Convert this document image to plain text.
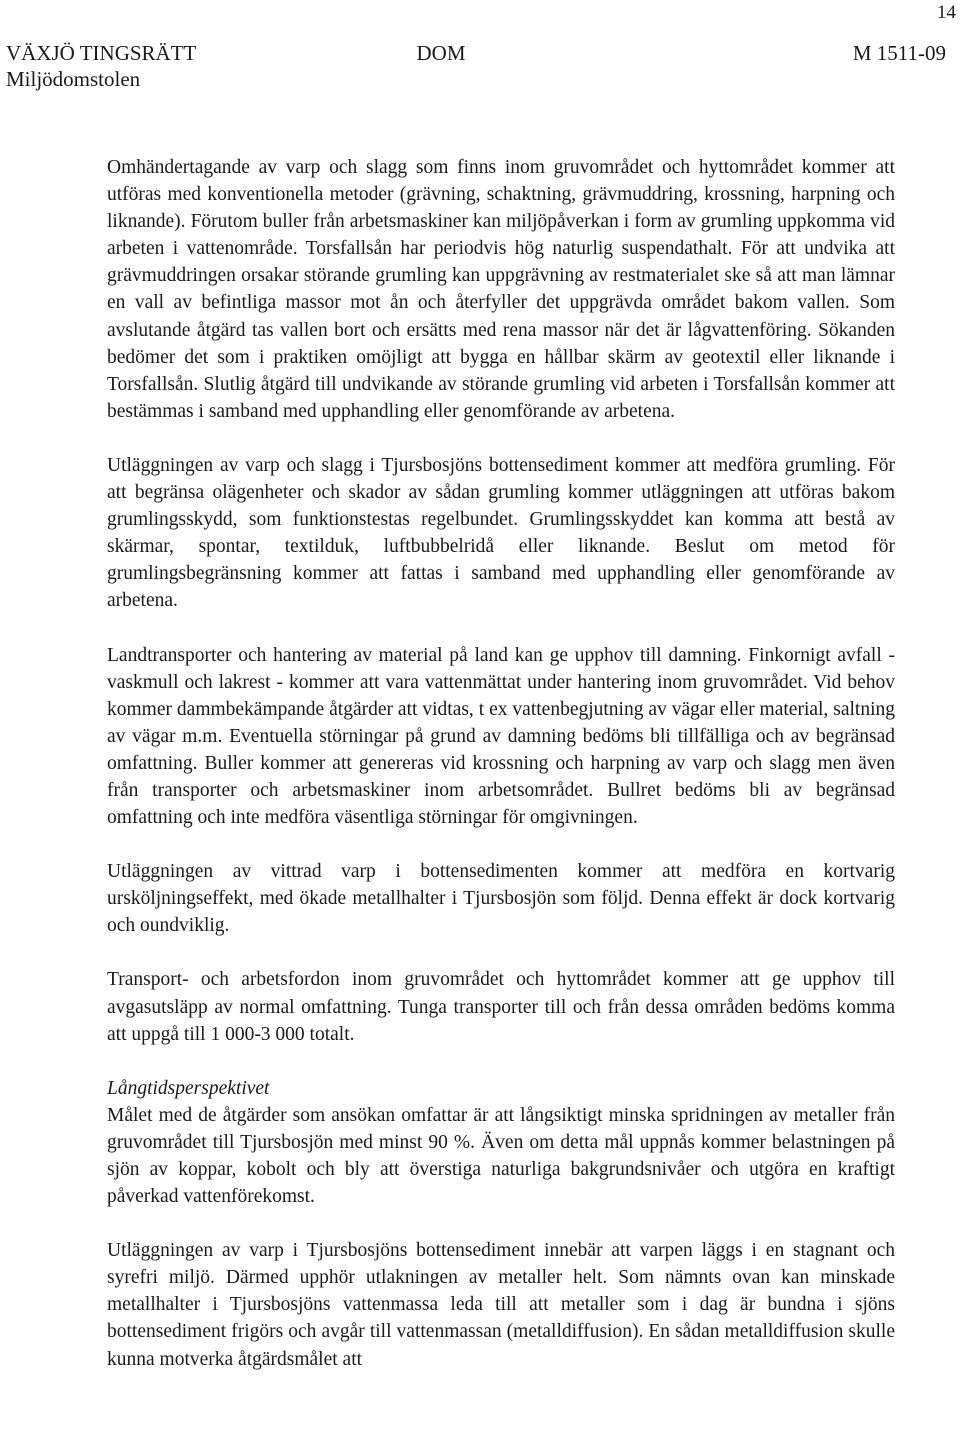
14
VÄXJÖ TINGSRÄTT	DOM	M 1511-09
Miljödomstolen

Omhändertagande av varp och slagg som finns inom gruvområdet och hyttområdet kommer att utföras med konventionella metoder (grävning, schaktning, grävmuddring, krossning, harpning och liknande). Förutom buller från arbetsmaskiner kan miljöpåverkan i form av grumling uppkomma vid arbeten i vattenområde. Torsfallsån har periodvis hög naturlig suspendathalt. För att undvika att grävmuddringen orsakar störande grumling kan uppgrävning av restmaterialet ske så att man lämnar en vall av befintliga massor mot ån och återfyller det uppgrävda området bakom vallen. Som avslutande åtgärd tas vallen bort och ersätts med rena massor när det är lågvattenföring. Sökanden bedömer det som i praktiken omöjligt att bygga en hållbar skärm av geotextil eller liknande i Torsfallsån. Slutlig åtgärd till undvikande av störande grumling vid arbeten i Torsfallsån kommer att bestämmas i samband med upphandling eller genomförande av arbetena.

Utläggningen av varp och slagg i Tjursbosjöns bottensediment kommer att medföra grumling. För att begränsa olägenheter och skador av sådan grumling kommer utläggningen att utföras bakom grumlingsskydd, som funktionstestas regelbundet. Grumlingsskyddet kan komma att bestå av skärmar, spontar, textilduk, luftbubbelridå eller liknande. Beslut om metod för grumlingsbegränsning kommer att fattas i samband med upphandling eller genomförande av arbetena.

Landtransporter och hantering av material på land kan ge upphov till damning. Finkornigt avfall - vaskmull och lakrest - kommer att vara vattenmättat under hantering inom gruvområdet. Vid behov kommer dammbekämpande åtgärder att vidtas, t ex vattenbegjutning av vägar eller material, saltning av vägar m.m. Eventuella störningar på grund av damning bedöms bli tillfälliga och av begränsad omfattning. Buller kommer att genereras vid krossning och harpning av varp och slagg men även från transporter och arbetsmaskiner inom arbetsområdet. Bullret bedöms bli av begränsad omfattning och inte medföra väsentliga störningar för omgivningen.

Utläggningen av vittrad varp i bottensedimenten kommer att medföra en kortvarig ursköljningseffekt, med ökade metallhalter i Tjursbosjön som följd. Denna effekt är dock kortvarig och oundviklig.

Transport- och arbetsfordon inom gruvområdet och hyttområdet kommer att ge upphov till avgasutsläpp av normal omfattning. Tunga transporter till och från dessa områden bedöms komma att uppgå till 1 000-3 000 totalt.

Långtidsperspektivet

Målet med de åtgärder som ansökan omfattar är att långsiktigt minska spridningen av metaller från gruvområdet till Tjursbosjön med minst 90 %. Även om detta mål uppnås kommer belastningen på sjön av koppar, kobolt och bly att överstiga naturliga bakgrundsnivåer och utgöra en kraftigt påverkad vattenförekomst.

Utläggningen av varp i Tjursbosjöns bottensediment innebär att varpen läggs i en stagnant och syrefri miljö. Därmed upphör utlakningen av metaller helt. Som nämnts ovan kan minskade metallhalter i Tjursbosjöns vattenmassa leda till att metaller som i dag är bundna i sjöns bottensediment frigörs och avgår till vattenmassan (metalldiffusion). En sådan metalldiffusion skulle kunna motverka åtgärdsmålet att
